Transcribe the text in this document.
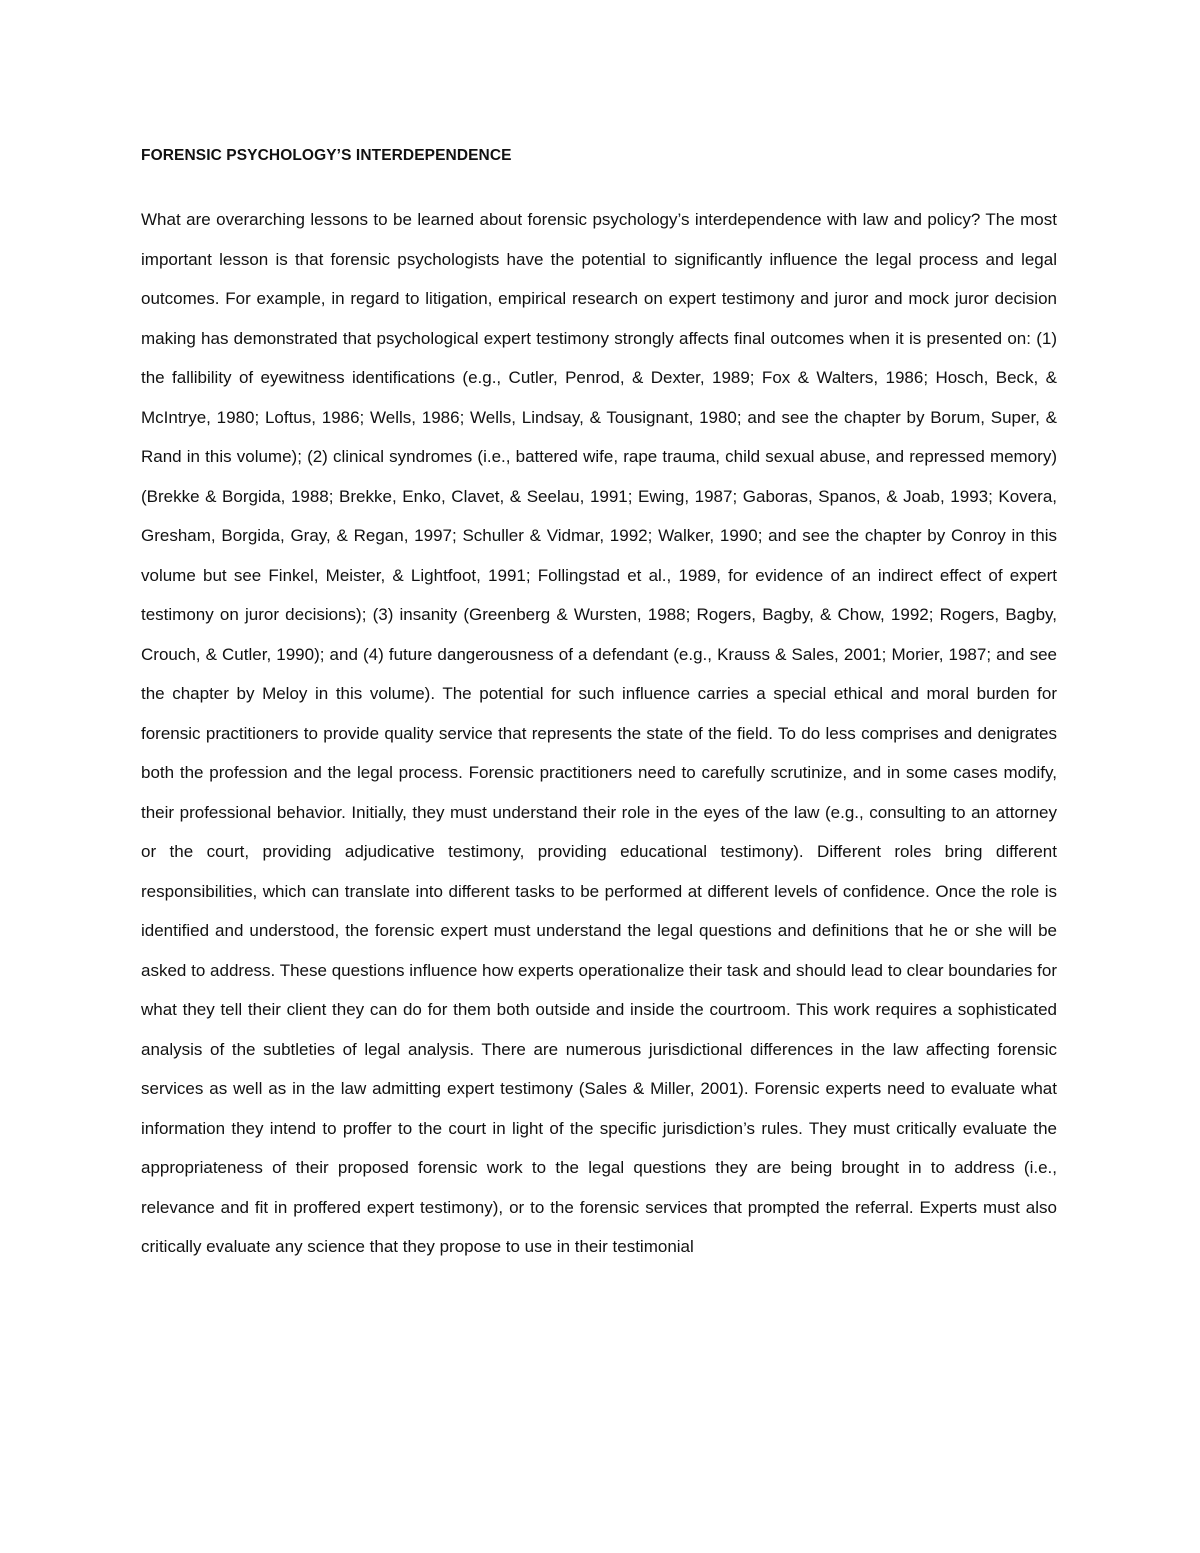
FORENSIC PSYCHOLOGY’S INTERDEPENDENCE

What are overarching lessons to be learned about forensic psychology’s interdependence with law and policy? The most important lesson is that forensic psychologists have the potential to significantly influence the legal process and legal outcomes. For example, in regard to litigation, empirical research on expert testimony and juror and mock juror decision making has demonstrated that psychological expert testimony strongly affects final outcomes when it is presented on: (1) the fallibility of eyewitness identifications (e.g., Cutler, Penrod, & Dexter, 1989; Fox & Walters, 1986; Hosch, Beck, & McIntrye, 1980; Loftus, 1986; Wells, 1986; Wells, Lindsay, & Tousignant, 1980; and see the chapter by Borum, Super, & Rand in this volume); (2) clinical syndromes (i.e., battered wife, rape trauma, child sexual abuse, and repressed memory) (Brekke & Borgida, 1988; Brekke, Enko, Clavet, & Seelau, 1991; Ewing, 1987; Gaboras, Spanos, & Joab, 1993; Kovera, Gresham, Borgida, Gray, & Regan, 1997; Schuller & Vidmar, 1992; Walker, 1990; and see the chapter by Conroy in this volume but see Finkel, Meister, & Lightfoot, 1991; Follingstad et al., 1989, for evidence of an indirect effect of expert testimony on juror decisions); (3) insanity (Greenberg & Wursten, 1988; Rogers, Bagby, & Chow, 1992; Rogers, Bagby, Crouch, & Cutler, 1990); and (4) future dangerousness of a defendant (e.g., Krauss & Sales, 2001; Morier, 1987; and see the chapter by Meloy in this volume). The potential for such influence carries a special ethical and moral burden for forensic practitioners to provide quality service that represents the state of the field. To do less comprises and denigrates both the profession and the legal process. Forensic practitioners need to carefully scrutinize, and in some cases modify, their professional behavior. Initially, they must understand their role in the eyes of the law (e.g., consulting to an attorney or the court, providing adjudicative testimony, providing educational testimony). Different roles bring different responsibilities, which can translate into different tasks to be performed at different levels of confidence. Once the role is identified and understood, the forensic expert must understand the legal questions and definitions that he or she will be asked to address. These questions influence how experts operationalize their task and should lead to clear boundaries for what they tell their client they can do for them both outside and inside the courtroom. This work requires a sophisticated analysis of the subtleties of legal analysis. There are numerous jurisdictional differences in the law affecting forensic services as well as in the law admitting expert testimony (Sales & Miller, 2001). Forensic experts need to evaluate what information they intend to proffer to the court in light of the specific jurisdiction’s rules. They must critically evaluate the appropriateness of their proposed forensic work to the legal questions they are being brought in to address (i.e., relevance and fit in proffered expert testimony), or to the forensic services that prompted the referral. Experts must also critically evaluate any science that they propose to use in their testimonial
